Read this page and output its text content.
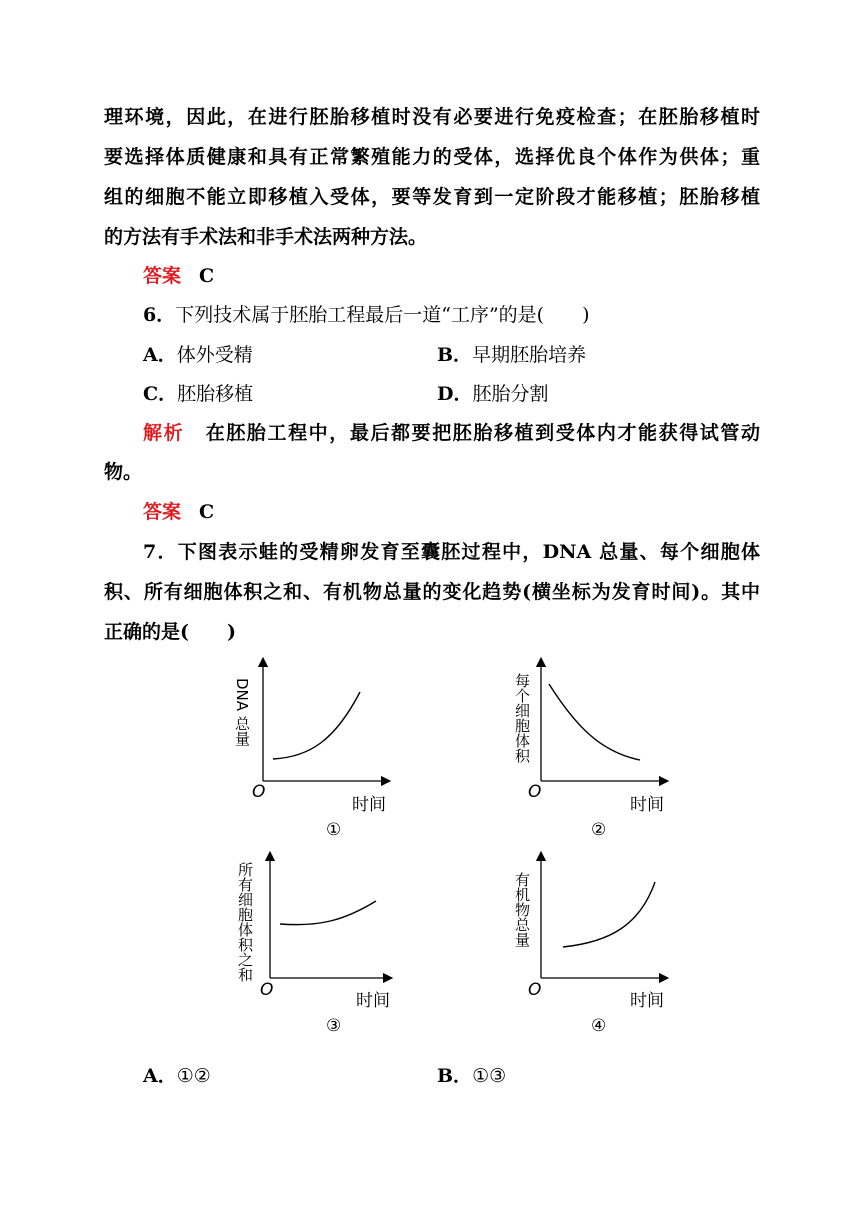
理环境，因此，在进行胚胎移植时没有必要进行免疫检查；在胚胎移植时
要选择体质健康和具有正常繁殖能力的受体，选择优良个体作为供体；重
组的细胞不能立即移植入受体，要等发育到一定阶段才能移植；胚胎移植
的方法有手术法和非手术法两种方法。
答案 C
6．下列技术属于胚胎工程最后一道“工序”的是(　　)
A．体外受精	B．早期胚胎培养
C．胚胎移植	D．胚胎分割
解析 在胚胎工程中，最后都要把胚胎移植到受体内才能获得试管动
物。
答案 C
7．下图表示蛙的受精卵发育至囊胚过程中，DNA 总量、每个细胞体
积、所有细胞体积之和、有机物总量的变化趋势(横坐标为发育时间)。其中
正确的是(　　)
DNA 总量
O
时间
①
每个细胞体积
O
时间
②
所有细胞体积之和
O
时间
③
有机物总量
O
时间
④
A．①②	B．①③
